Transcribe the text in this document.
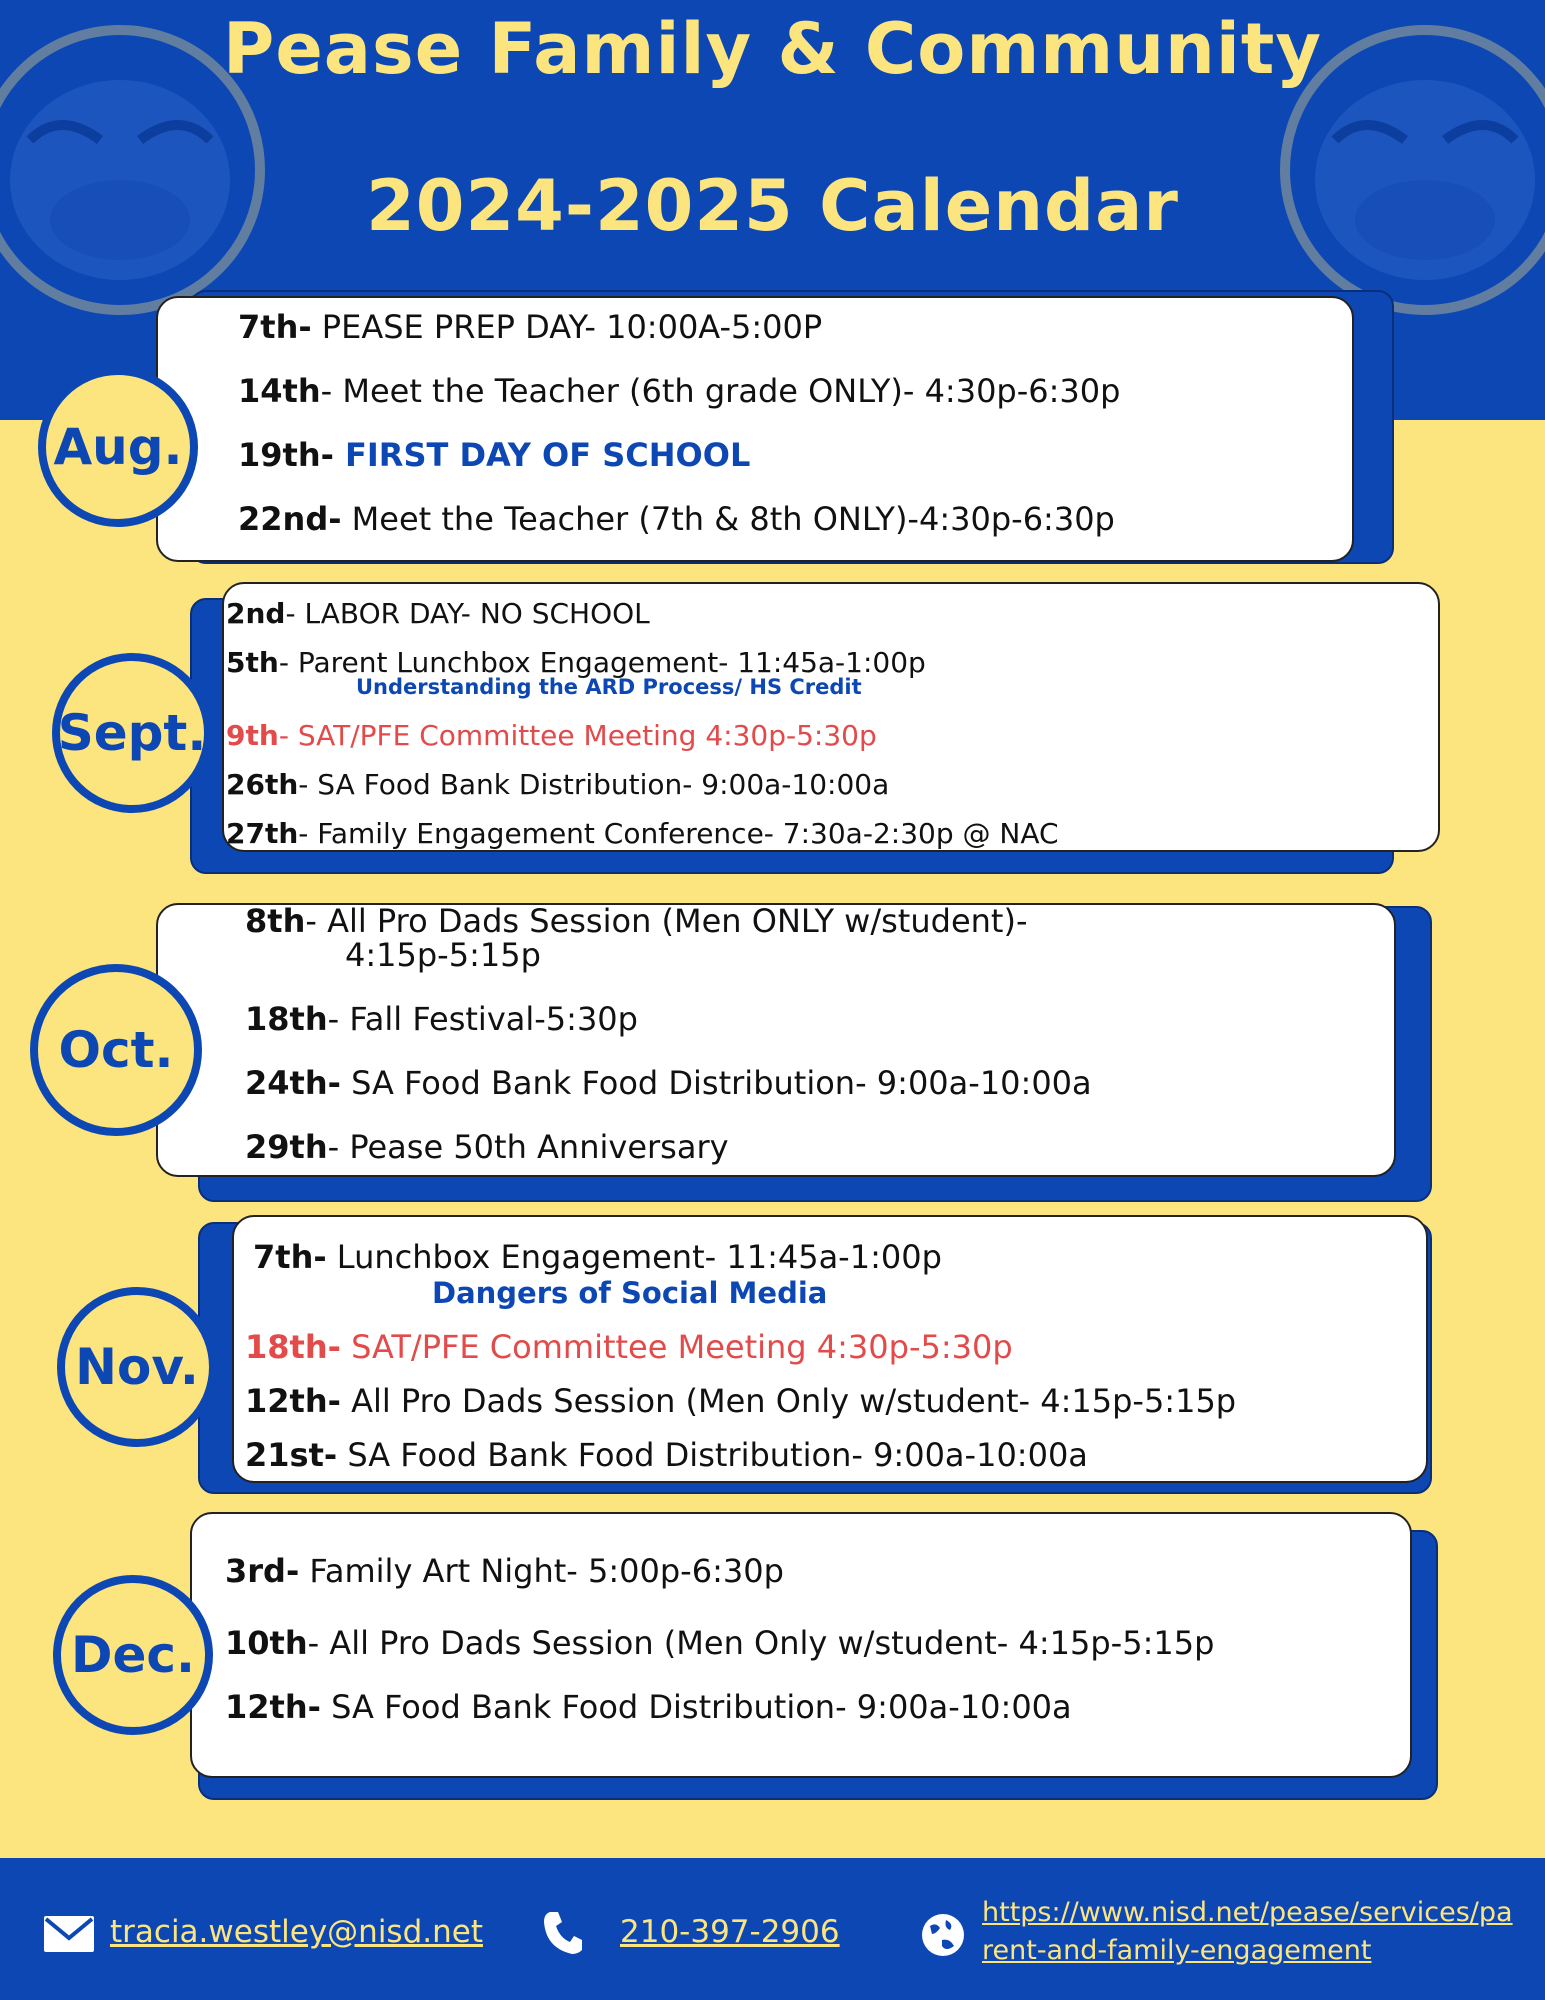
Pease Family & Community
2024-2025 Calendar
Aug.
7th- PEASE PREP DAY- 10:00A-5:00P
14th- Meet the Teacher (6th grade ONLY)- 4:30p-6:30p
19th- FIRST DAY OF SCHOOL
22nd- Meet the Teacher (7th & 8th ONLY)-4:30p-6:30p
Sept.
2nd- LABOR DAY- NO SCHOOL
5th- Parent Lunchbox Engagement- 11:45a-1:00p
Understanding the ARD Process/ HS Credit
9th- SAT/PFE Committee Meeting 4:30p-5:30p
26th- SA Food Bank Distribution- 9:00a-10:00a
27th- Family Engagement Conference- 7:30a-2:30p @ NAC
Oct.
8th- All Pro Dads Session (Men ONLY w/student)-
4:15p-5:15p
18th- Fall Festival-5:30p
24th- SA Food Bank Food Distribution- 9:00a-10:00a
29th- Pease 50th Anniversary
Nov.
7th- Lunchbox Engagement- 11:45a-1:00p
Dangers of Social Media
18th- SAT/PFE Committee Meeting 4:30p-5:30p
12th- All Pro Dads Session (Men Only w/student- 4:15p-5:15p
21st- SA Food Bank Food Distribution- 9:00a-10:00a
Dec.
3rd- Family Art Night- 5:00p-6:30p
10th- All Pro Dads Session (Men Only w/student- 4:15p-5:15p
12th- SA Food Bank Food Distribution- 9:00a-10:00a
tracia.westley@nisd.net	210-397-2906
https://www.nisd.net/pease/services/pa
rent-and-family-engagement
